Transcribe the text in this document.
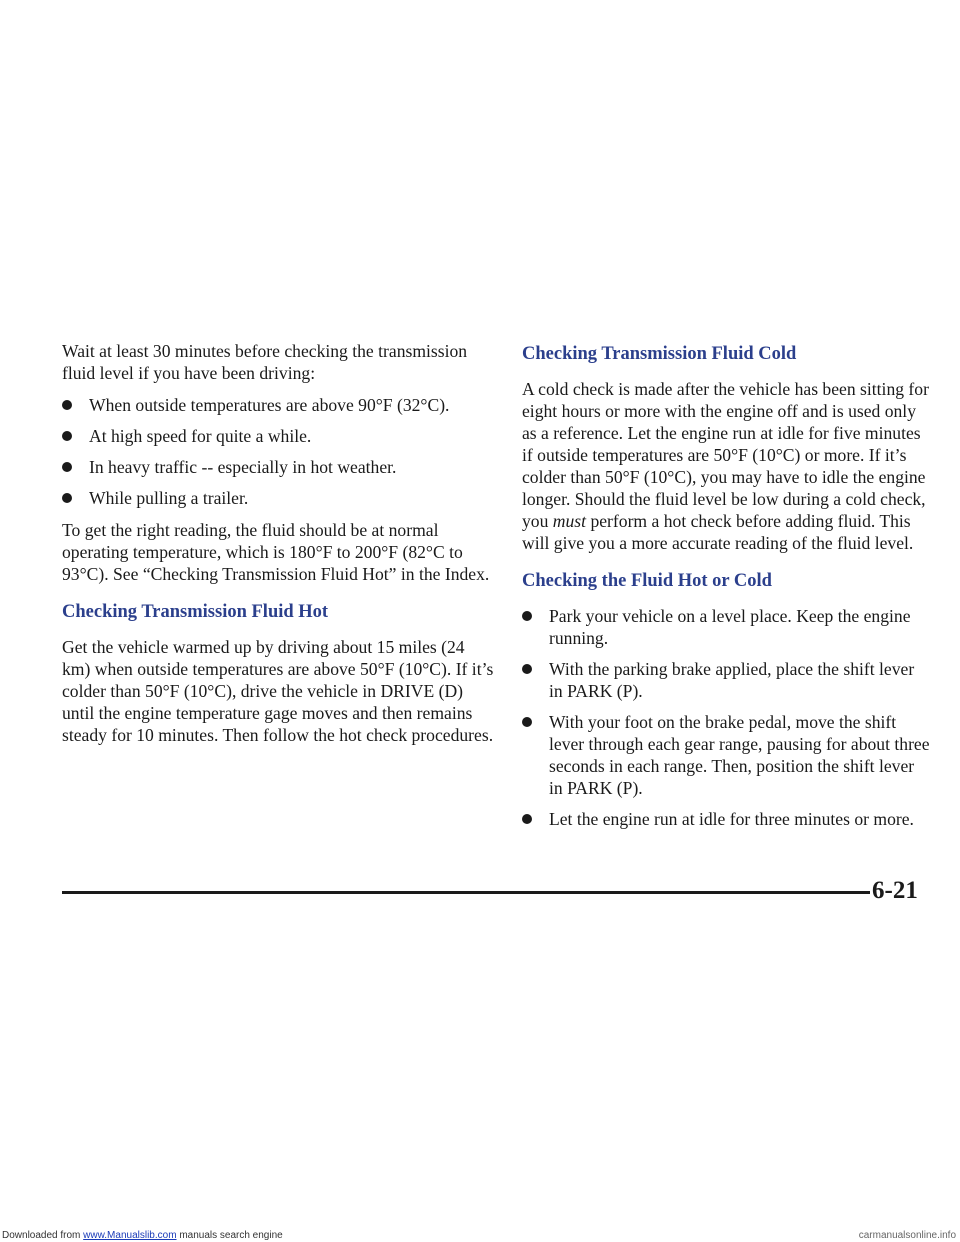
Wait at least 30 minutes before checking the transmission fluid level if you have been driving:

When outside temperatures are above 90°F (32°C).
At high speed for quite a while.
In heavy traffic -- especially in hot weather.
While pulling a trailer.

To get the right reading, the fluid should be at normal operating temperature, which is 180°F to 200°F (82°C to 93°C). See “Checking Transmission Fluid Hot” in the Index.

Checking Transmission Fluid Hot

Get the vehicle warmed up by driving about 15 miles (24 km) when outside temperatures are above 50°F (10°C). If it’s colder than 50°F (10°C), drive the vehicle in DRIVE (D) until the engine temperature gage moves and then remains steady for 10 minutes. Then follow the hot check procedures.

Checking Transmission Fluid Cold

A cold check is made after the vehicle has been sitting for eight hours or more with the engine off and is used only as a reference. Let the engine run at idle for five minutes if outside temperatures are 50°F (10°C) or more. If it’s colder than 50°F (10°C), you may have to idle the engine longer. Should the fluid level be low during a cold check, you must perform a hot check before adding fluid. This will give you a more accurate reading of the fluid level.

Checking the Fluid Hot or Cold
Park your vehicle on a level place. Keep the engine running.
With the parking brake applied, place the shift lever in PARK (P).
With your foot on the brake pedal, move the shift lever through each gear range, pausing for about three seconds in each range. Then, position the shift lever in PARK (P).
Let the engine run at idle for three minutes or more.
6-21
Downloaded from www.Manualslib.com manuals search engine	carmanualsonline.info
